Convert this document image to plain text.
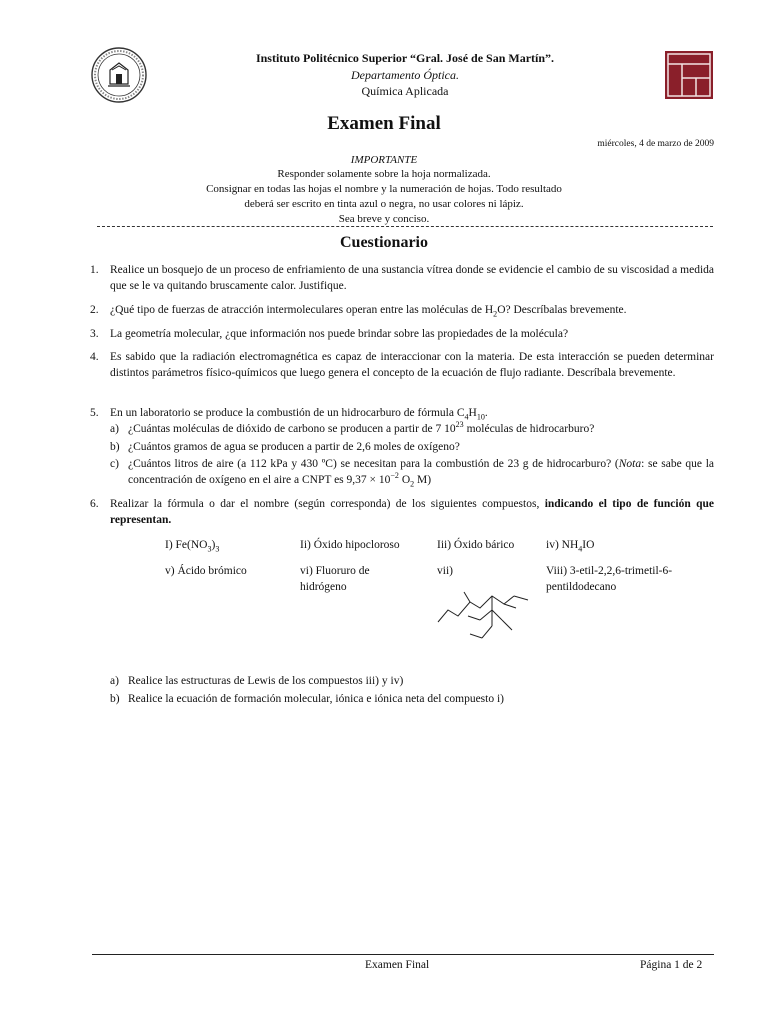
Instituto Politécnico Superior “Gral. José de San Martín”.
Departamento Óptica.
Química Aplicada
Examen Final
miércoles, 4 de marzo de 2009
IMPORTANTE
Responder solamente sobre la hoja normalizada.
Consignar en todas las hojas el nombre y la numeración de hojas. Todo resultado
deberá ser escrito en tinta azul o negra, no usar colores ni lápiz.
Sea breve y conciso.
Cuestionario
1. Realice un bosquejo de un proceso de enfriamiento de una sustancia vítrea donde se evidencie el cambio de su viscosidad a medida que se le va quitando bruscamente calor. Justifique.
2. ¿Qué tipo de fuerzas de atracción intermoleculares operan entre las moléculas de $H_2O$? Descríbalas brevemente.
3. La geometría molecular, ¿que información nos puede brindar sobre las propiedades de la molécula?
4. Es sabido que la radiación electromagnética es capaz de interaccionar con la materia. De esta interacción se pueden determinar distintos parámetros físico-químicos que luego genera el concepto de la ecuación de flujo radiante. Descríbala brevemente.
5. En un laboratorio se produce la combustión de un hidrocarburo de fórmula $C_4H_{10}$.
a) ¿Cuántas moléculas de dióxido de carbono se producen a partir de 7 $10^{23}$ moléculas de hidrocarburo?
b) ¿Cuántos gramos de agua se producen a partir de 2,6 moles de oxígeno?
c) ¿Cuántos litros de aire (a 112 kPa y 430 ºC) se necesitan para la combustión de 23 g de hidrocarburo? (Nota: se sabe que la concentración de oxígeno en el aire a CNPT es $9,37 \times 10^{-2}$ $O_2$ M)
6. Realizar la fórmula o dar el nombre (según corresponda) de los siguientes compuestos, indicando el tipo de función que representan.
I) $Fe(NO_3)_3$	Ii) Óxido hipocloroso	Iii) Óxido bárico	iv) $NH_4IO$
v) Ácido brómico	vi) Fluoruro de
hidrógeno
vii)	Viii) 3-etil-2,2,6-trimetil-6-
pentildodecano
a) Realice las estructuras de Lewis de los compuestos iii) y iv)
b) Realice la ecuación de formación molecular, iónica e iónica neta del compuesto i)
Examen Final	Página 1 de 2
